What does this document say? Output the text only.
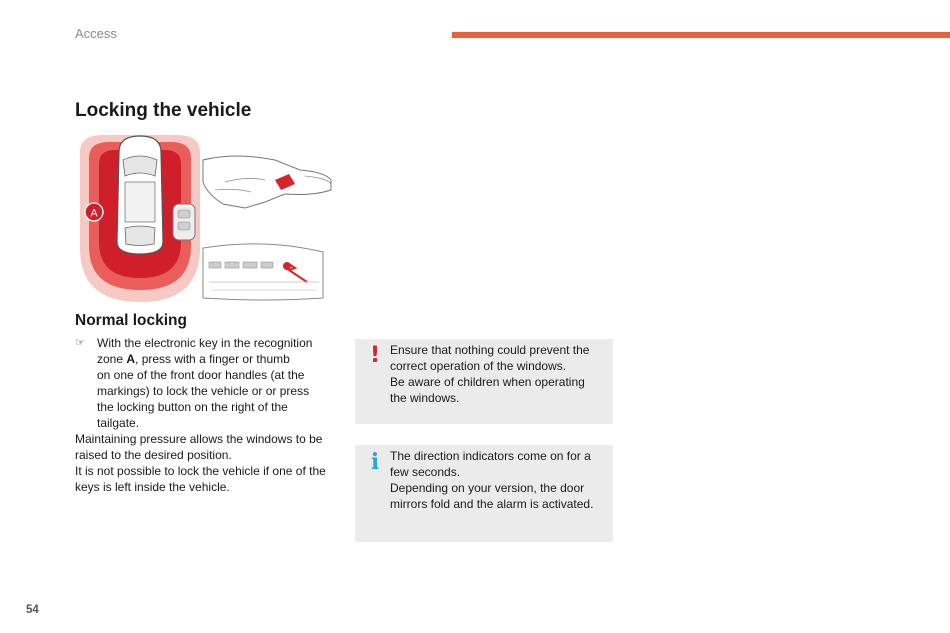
Access
Locking the vehicle
A
Normal locking
☞ With the electronic key in the recognition
zone A, press with a finger or thumb
on one of the front door handles (at the
markings) to lock the vehicle or or press
the locking button on the right of the
tailgate.
Maintaining pressure allows the windows to be
raised to the desired position.
It is not possible to lock the vehicle if one of the
keys is left inside the vehicle.
! Ensure that nothing could prevent the
correct operation of the windows.
Be aware of children when operating
the windows.
i The direction indicators come on for a
few seconds.
Depending on your version, the door
mirrors fold and the alarm is activated.
54
